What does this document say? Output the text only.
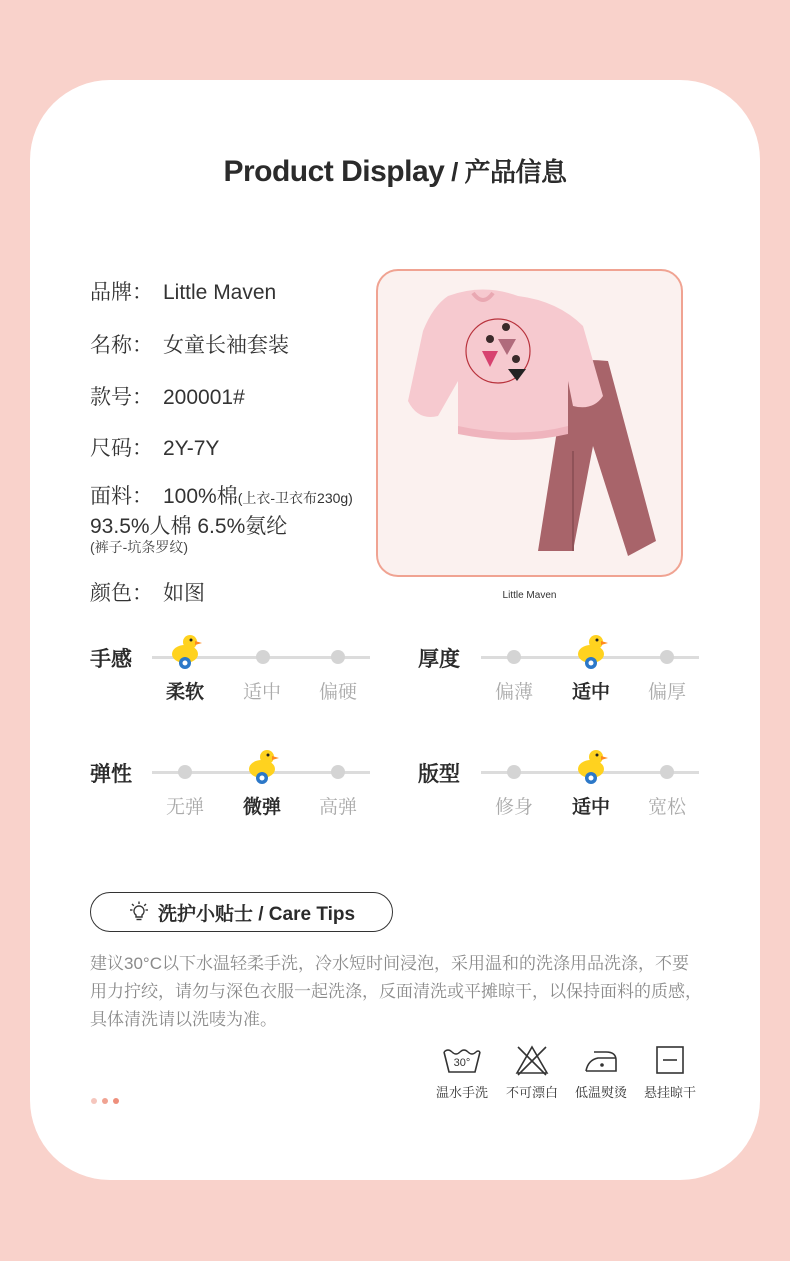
Product Display / 产品信息
品牌： Little Maven
名称： 女童长袖套装
款号： 200001#
尺码： 2Y-7Y
面料： 100%棉(上衣-卫衣布230g)
93.5%人棉 6.5%氨纶
(裤子-坑条罗纹)
颜色： 如图	Little Maven
手感
柔软	适中	偏硬
厚度
偏薄	适中	偏厚
弹性
无弹	微弹	高弹
版型
修身	适中	宽松
洗护小贴士 / Care Tips
建议30°C以下水温轻柔手洗，冷水短时间浸泡，采用温和的洗涤用品洗涤，不要用力拧绞，请勿与深色衣服一起洗涤，反面清洗或平摊晾干，以保持面料的质感，具体清洗请以洗唛为准。
30°
温水手洗	不可漂白	低温熨烫	悬挂晾干
